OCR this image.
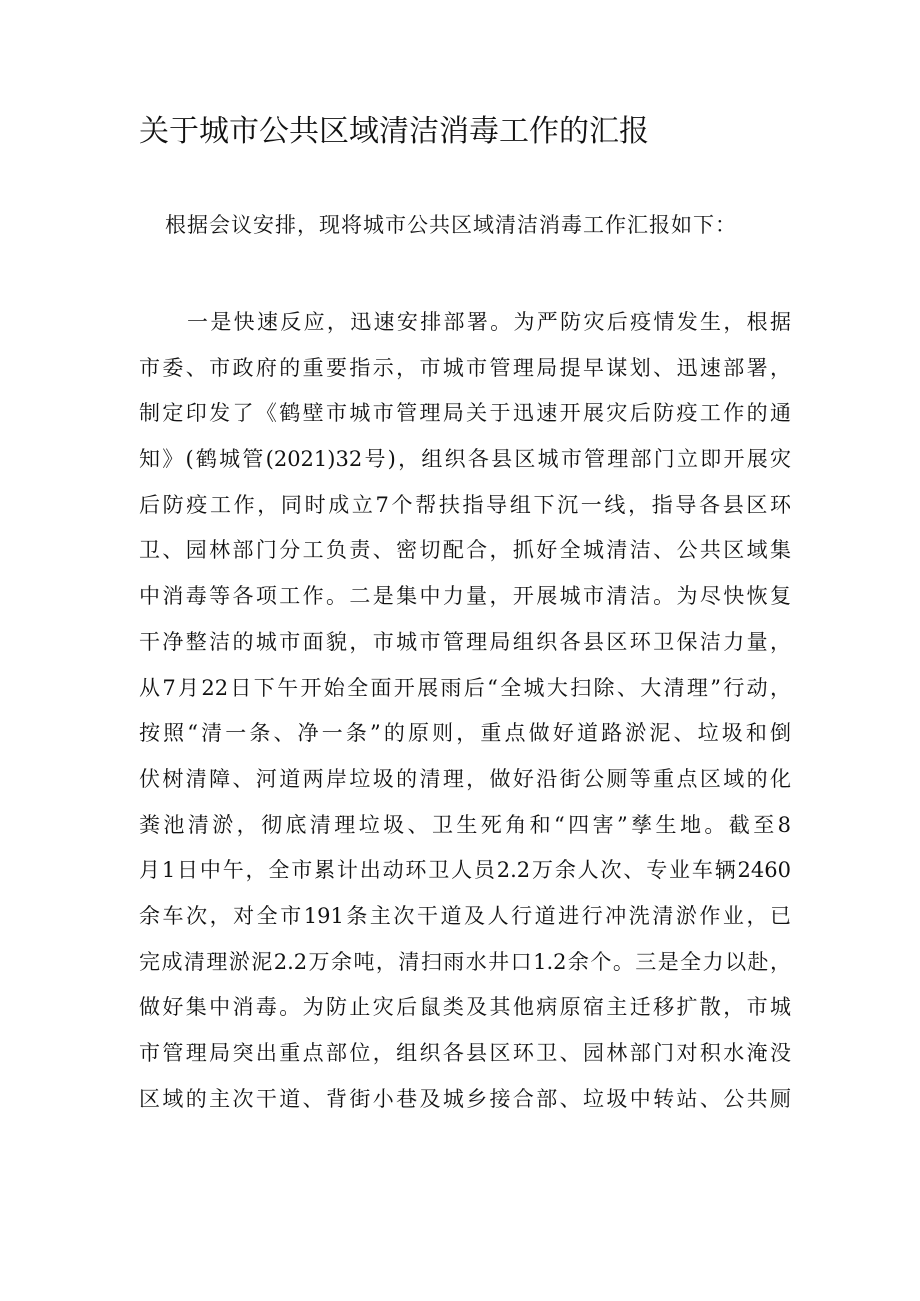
关于城市公共区域清洁消毒工作的汇报

根据会议安排，现将城市公共区域清洁消毒工作汇报如下：

一是快速反应，迅速安排部署。为严防灾后疫情发生，根据
市委、市政府的重要指示，市城市管理局提早谋划、迅速部署，
制定印发了《鹤壁市城市管理局关于迅速开展灾后防疫工作的通
知》(鹤城管(2021)32号)，组织各县区城市管理部门立即开展灾
后防疫工作，同时成立7个帮扶指导组下沉一线，指导各县区环
卫、园林部门分工负责、密切配合，抓好全城清洁、公共区域集
中消毒等各项工作。二是集中力量，开展城市清洁。为尽快恢复
干净整洁的城市面貌，市城市管理局组织各县区环卫保洁力量，
从7月22日下午开始全面开展雨后“全城大扫除、大清理”行动，
按照“清一条、净一条”的原则，重点做好道路淤泥、垃圾和倒
伏树清障、河道两岸垃圾的清理，做好沿街公厕等重点区域的化
粪池清淤，彻底清理垃圾、卫生死角和“四害”孳生地。截至8
月1日中午，全市累计出动环卫人员2.2万余人次、专业车辆2460
余车次，对全市191条主次干道及人行道进行冲洗清淤作业，已
完成清理淤泥2.2万余吨，清扫雨水井口1.2余个。三是全力以赴，
做好集中消毒。为防止灾后鼠类及其他病原宿主迁移扩散，市城
市管理局突出重点部位，组织各县区环卫、园林部门对积水淹没
区域的主次干道、背街小巷及城乡接合部、垃圾中转站、公共厕
